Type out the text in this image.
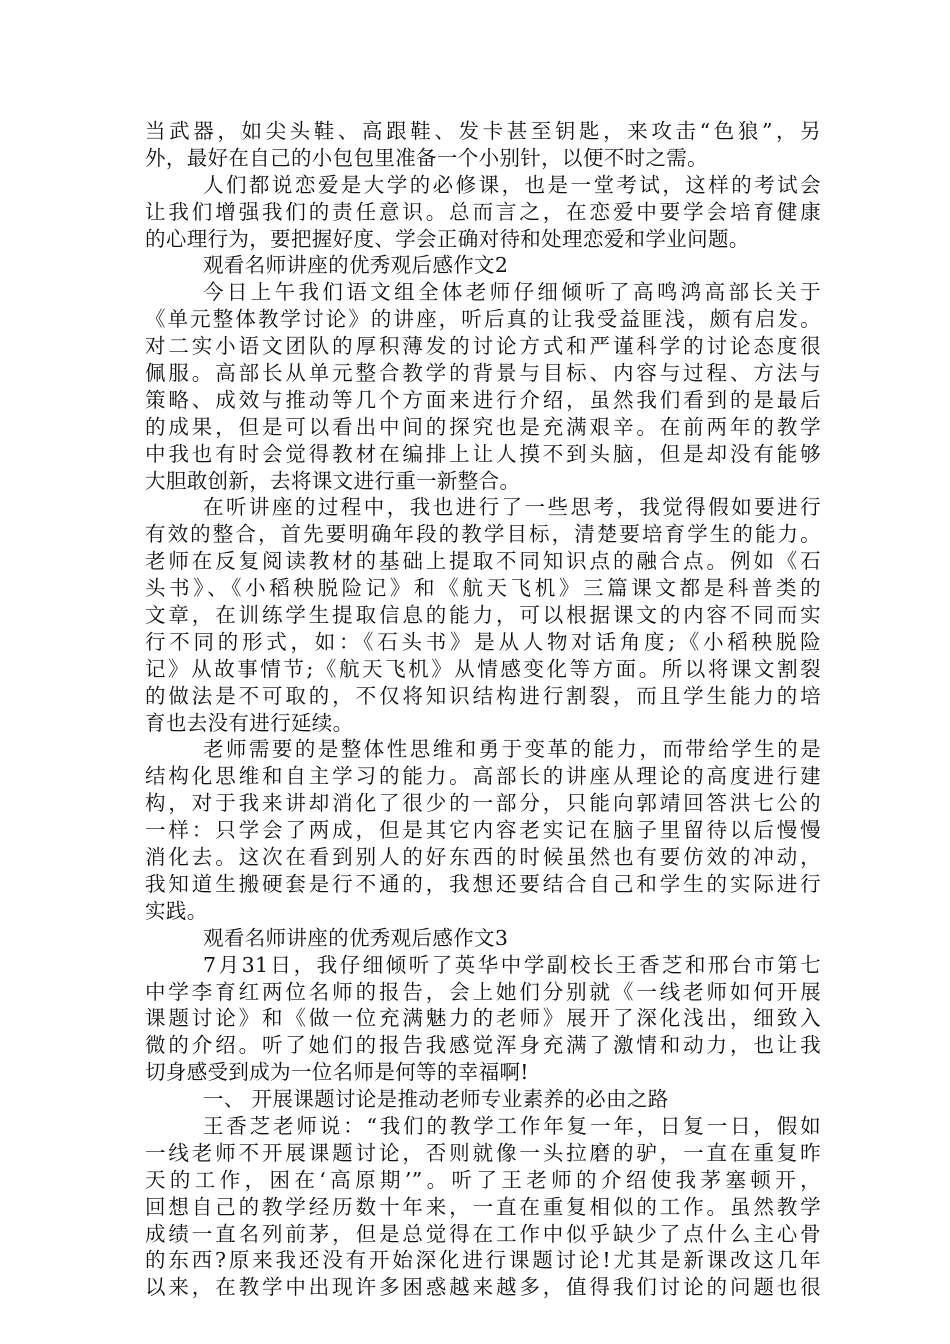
当武器，如尖头鞋、高跟鞋、发卡甚至钥匙，来攻击“色狼”，另
外，最好在自己的小包包里准备一个小别针，以便不时之需。
人们都说恋爱是大学的必修课，也是一堂考试，这样的考试会
让我们增强我们的责任意识。总而言之，在恋爱中要学会培育健康
的心理行为，要把握好度、学会正确对待和处理恋爱和学业问题。
观看名师讲座的优秀观后感作文2
今日上午我们语文组全体老师仔细倾听了高鸣鸿高部长关于
《单元整体教学讨论》的讲座，听后真的让我受益匪浅，颇有启发。
对二实小语文团队的厚积薄发的讨论方式和严谨科学的讨论态度很
佩服。高部长从单元整合教学的背景与目标、内容与过程、方法与
策略、成效与推动等几个方面来进行介绍，虽然我们看到的是最后
的成果，但是可以看出中间的探究也是充满艰辛。在前两年的教学
中我也有时会觉得教材在编排上让人摸不到头脑，但是却没有能够
大胆敢创新，去将课文进行重一新整合。
在听讲座的过程中，我也进行了一些思考，我觉得假如要进行
有效的整合，首先要明确年段的教学目标，清楚要培育学生的能力。
老师在反复阅读教材的基础上提取不同知识点的融合点。例如《石
头书》、《小稻秧脱险记》和《航天飞机》三篇课文都是科普类的
文章，在训练学生提取信息的能力，可以根据课文的内容不同而实
行不同的形式，如：《石头书》是从人物对话角度;《小稻秧脱险
记》从故事情节;《航天飞机》从情感变化等方面。所以将课文割裂
的做法是不可取的，不仅将知识结构进行割裂，而且学生能力的培
育也去没有进行延续。
老师需要的是整体性思维和勇于变革的能力，而带给学生的是
结构化思维和自主学习的能力。高部长的讲座从理论的高度进行建
构，对于我来讲却消化了很少的一部分，只能向郭靖回答洪七公的
一样：只学会了两成，但是其它内容老实记在脑子里留待以后慢慢
消化去。这次在看到别人的好东西的时候虽然也有要仿效的冲动，
我知道生搬硬套是行不通的，我想还要结合自己和学生的实际进行
实践。
观看名师讲座的优秀观后感作文3
7月31日，我仔细倾听了英华中学副校长王香芝和邢台市第七
中学李育红两位名师的报告，会上她们分别就《一线老师如何开展
课题讨论》和《做一位充满魅力的老师》展开了深化浅出，细致入
微的介绍。听了她们的报告我感觉浑身充满了激情和动力，也让我
切身感受到成为一位名师是何等的幸福啊!
一、 开展课题讨论是推动老师专业素养的必由之路
王香芝老师说：“我们的教学工作年复一年，日复一日，假如
一线老师不开展课题讨论，否则就像一头拉磨的驴，一直在重复昨
天的工作，困在‘高原期’”。听了王老师的介绍使我茅塞顿开，
回想自己的教学经历数十年来，一直在重复相似的工作。虽然教学
成绩一直名列前茅，但是总觉得在工作中似乎缺少了点什么主心骨
的东西?原来我还没有开始深化进行课题讨论!尤其是新课改这几年
以来，在教学中出现许多困惑越来越多，值得我们讨论的问题也很
